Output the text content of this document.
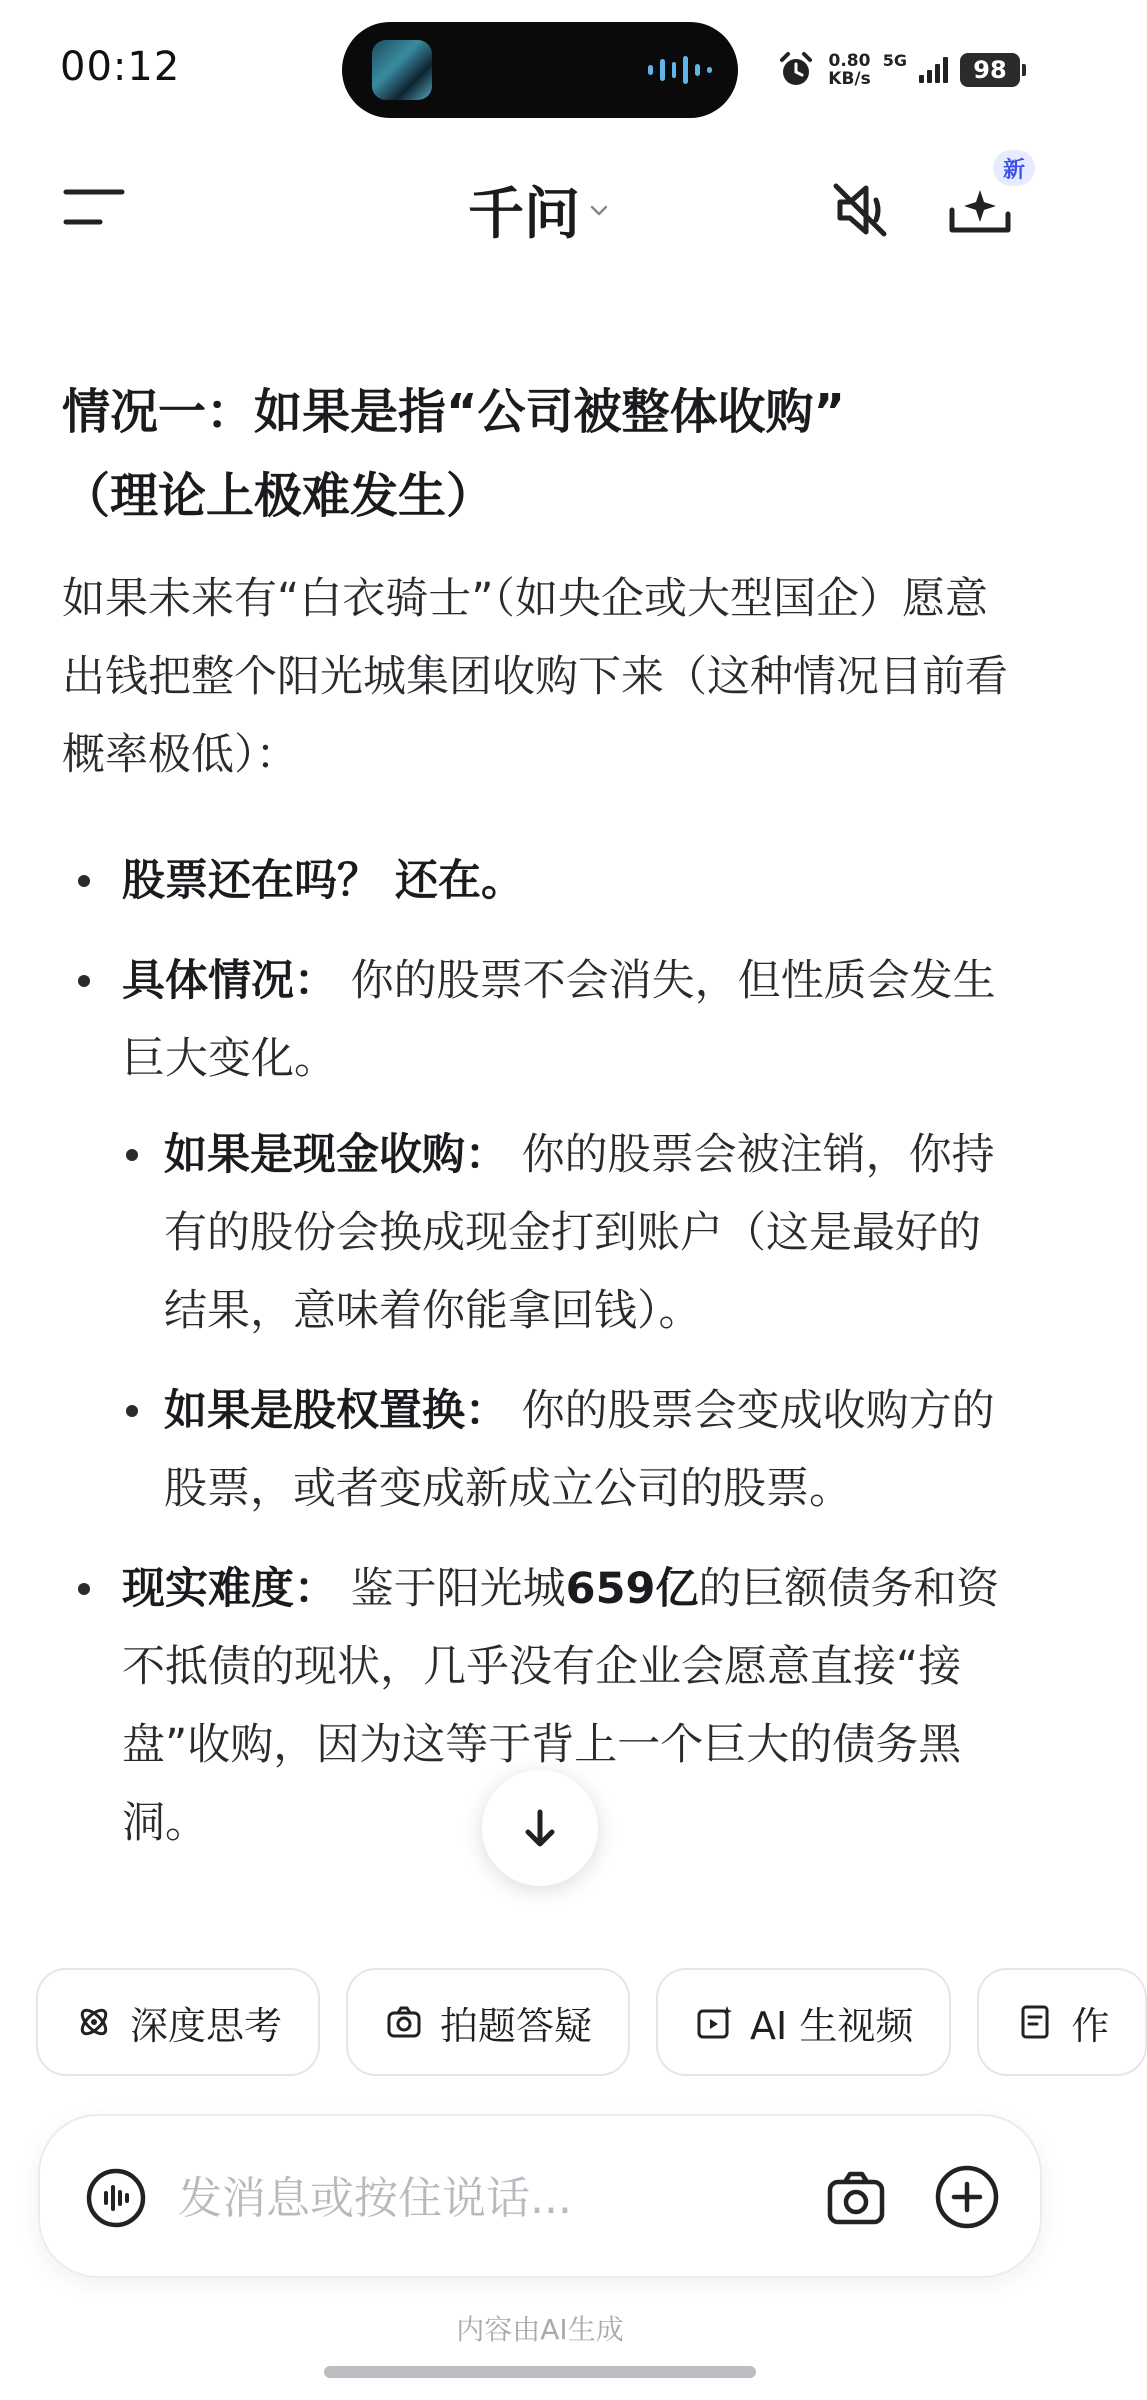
00:12	0.80
KB/s
5G	98
千问
新
情况一：如果是指“公司被整体收购”
（理论上极难发生）

如果未来有“白衣骑士”（如央企或大型国企）愿意出钱把整个阳光城集团收购下来（这种情况目前看概率极低）：

股票还在吗？ 还在。
具体情况： 你的股票不会消失，但性质会发生巨大变化。
如果是现金收购： 你的股票会被注销，你持有的股份会换成现金打到账户（这是最好的结果，意味着你能拿回钱）。
如果是股权置换： 你的股票会变成收购方的股票，或者变成新成立公司的股票。
现实难度： 鉴于阳光城659亿的巨额债务和资不抵债的现状，几乎没有企业会愿意直接“接盘”收购，因为这等于背上一个巨大的债务黑洞。
深度思考	拍题答疑	AI 生视频	作
发消息或按住说话...
内容由AI生成
